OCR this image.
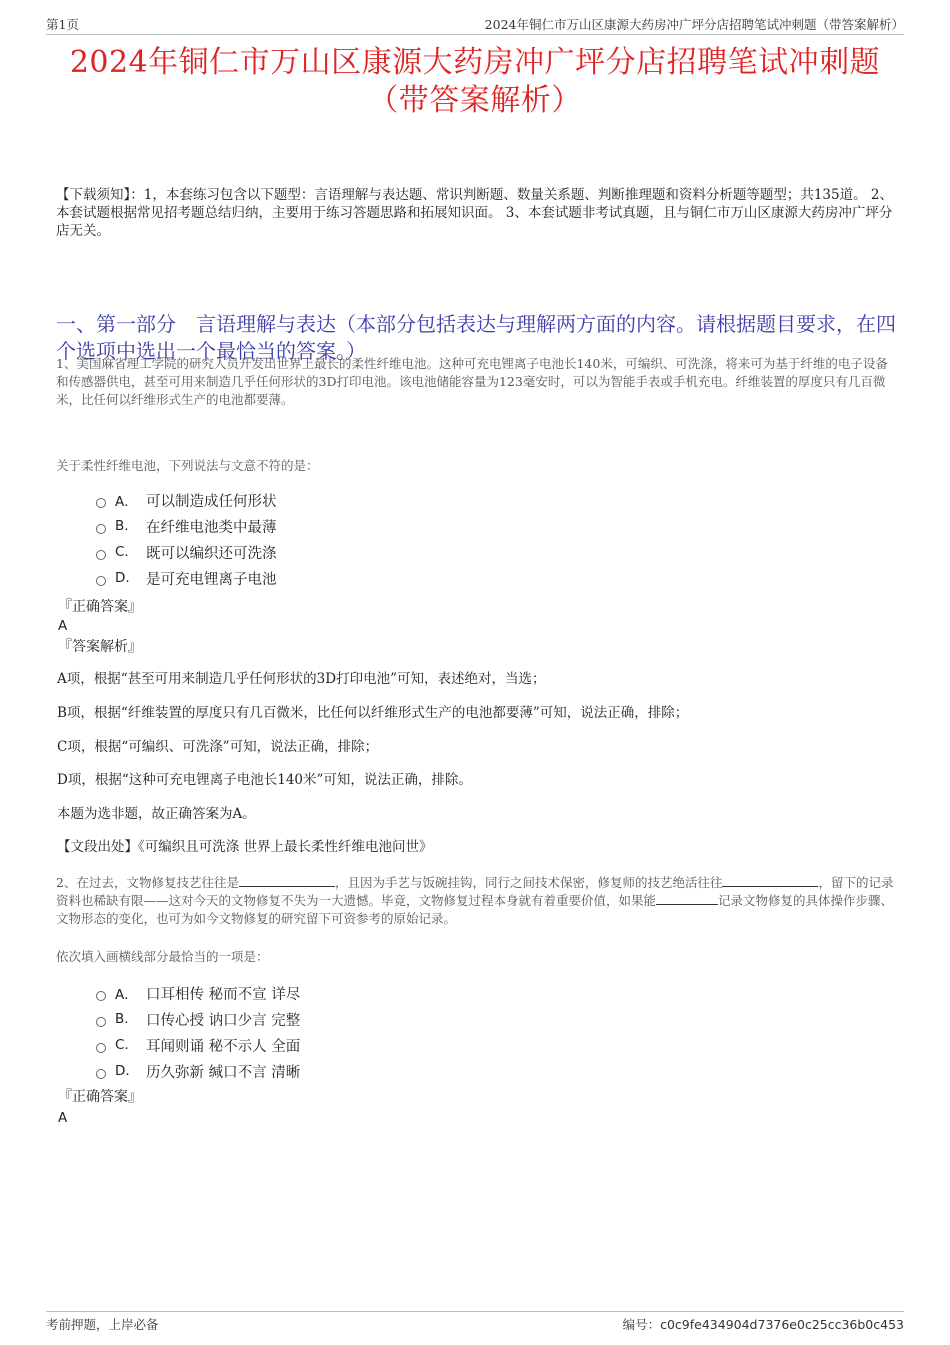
第1页	2024年铜仁市万山区康源大药房冲广坪分店招聘笔试冲刺题（带答案解析）
2024年铜仁市万山区康源大药房冲广坪分店招聘笔试冲刺题
（带答案解析）
【下载须知】：1，本套练习包含以下题型：言语理解与表达题、常识判断题、数量关系题、判断推理题和资料分析题等题型；共135道。 2、本套试题根据常见招考题总结归纳，主要用于练习答题思路和拓展知识面。 3、本套试题非考试真题，且与铜仁市万山区康源大药房冲广坪分店无关。
一、第一部分　言语理解与表达（本部分包括表达与理解两方面的内容。请根据题目要求，在四个选项中选出一个最恰当的答案。）
1、美国麻省理工学院的研究人员开发出世界上最长的柔性纤维电池。这种可充电锂离子电池长140米，可编织、可洗涤，将来可为基于纤维的电子设备和传感器供电，甚至可用来制造几乎任何形状的3D打印电池。该电池储能容量为123毫安时，可以为智能手表或手机充电。纤维装置的厚度只有几百微米，比任何以纤维形式生产的电池都要薄。
关于柔性纤维电池，下列说法与文意不符的是：
A． 可以制造成任何形状
B.	在纤维电池类中最薄
C.	既可以编织还可洗涤
D.	是可充电锂离子电池
『正确答案』
A
『答案解析』
A项，根据“甚至可用来制造几乎任何形状的3D打印电池”可知，表述绝对，当选；
B项，根据“纤维装置的厚度只有几百微米，比任何以纤维形式生产的电池都要薄”可知，说法正确，排除；
C项，根据“可编织、可洗涤”可知，说法正确，排除；
D项，根据“这种可充电锂离子电池长140米”可知，说法正确，排除。
本题为选非题，故正确答案为A。
【文段出处】《可编织且可洗涤 世界上最长柔性纤维电池问世》
2、在过去，文物修复技艺往往是	，且因为手艺与饭碗挂钩，同行之间技术保密，修复师的技艺绝活往往	，留下的记录资料也稀缺有限——这对今天的文物修复不失为一大遗憾。毕竟，文物修复过程本身就有着重要价值，如果能	记录文物修复的具体操作步骤、文物形态的变化，也可为如今文物修复的研究留下可资参考的原始记录。
依次填入画横线部分最恰当的一项是：
A． 口耳相传 秘而不宣 详尽
B.	口传心授 讷口少言 完整
C.	耳闻则诵 秘不示人 全面
D.	历久弥新 缄口不言 清晰
『正确答案』
A
考前押题，上岸必备	编号：c0c9fe434904d7376e0c25cc36b0c453
